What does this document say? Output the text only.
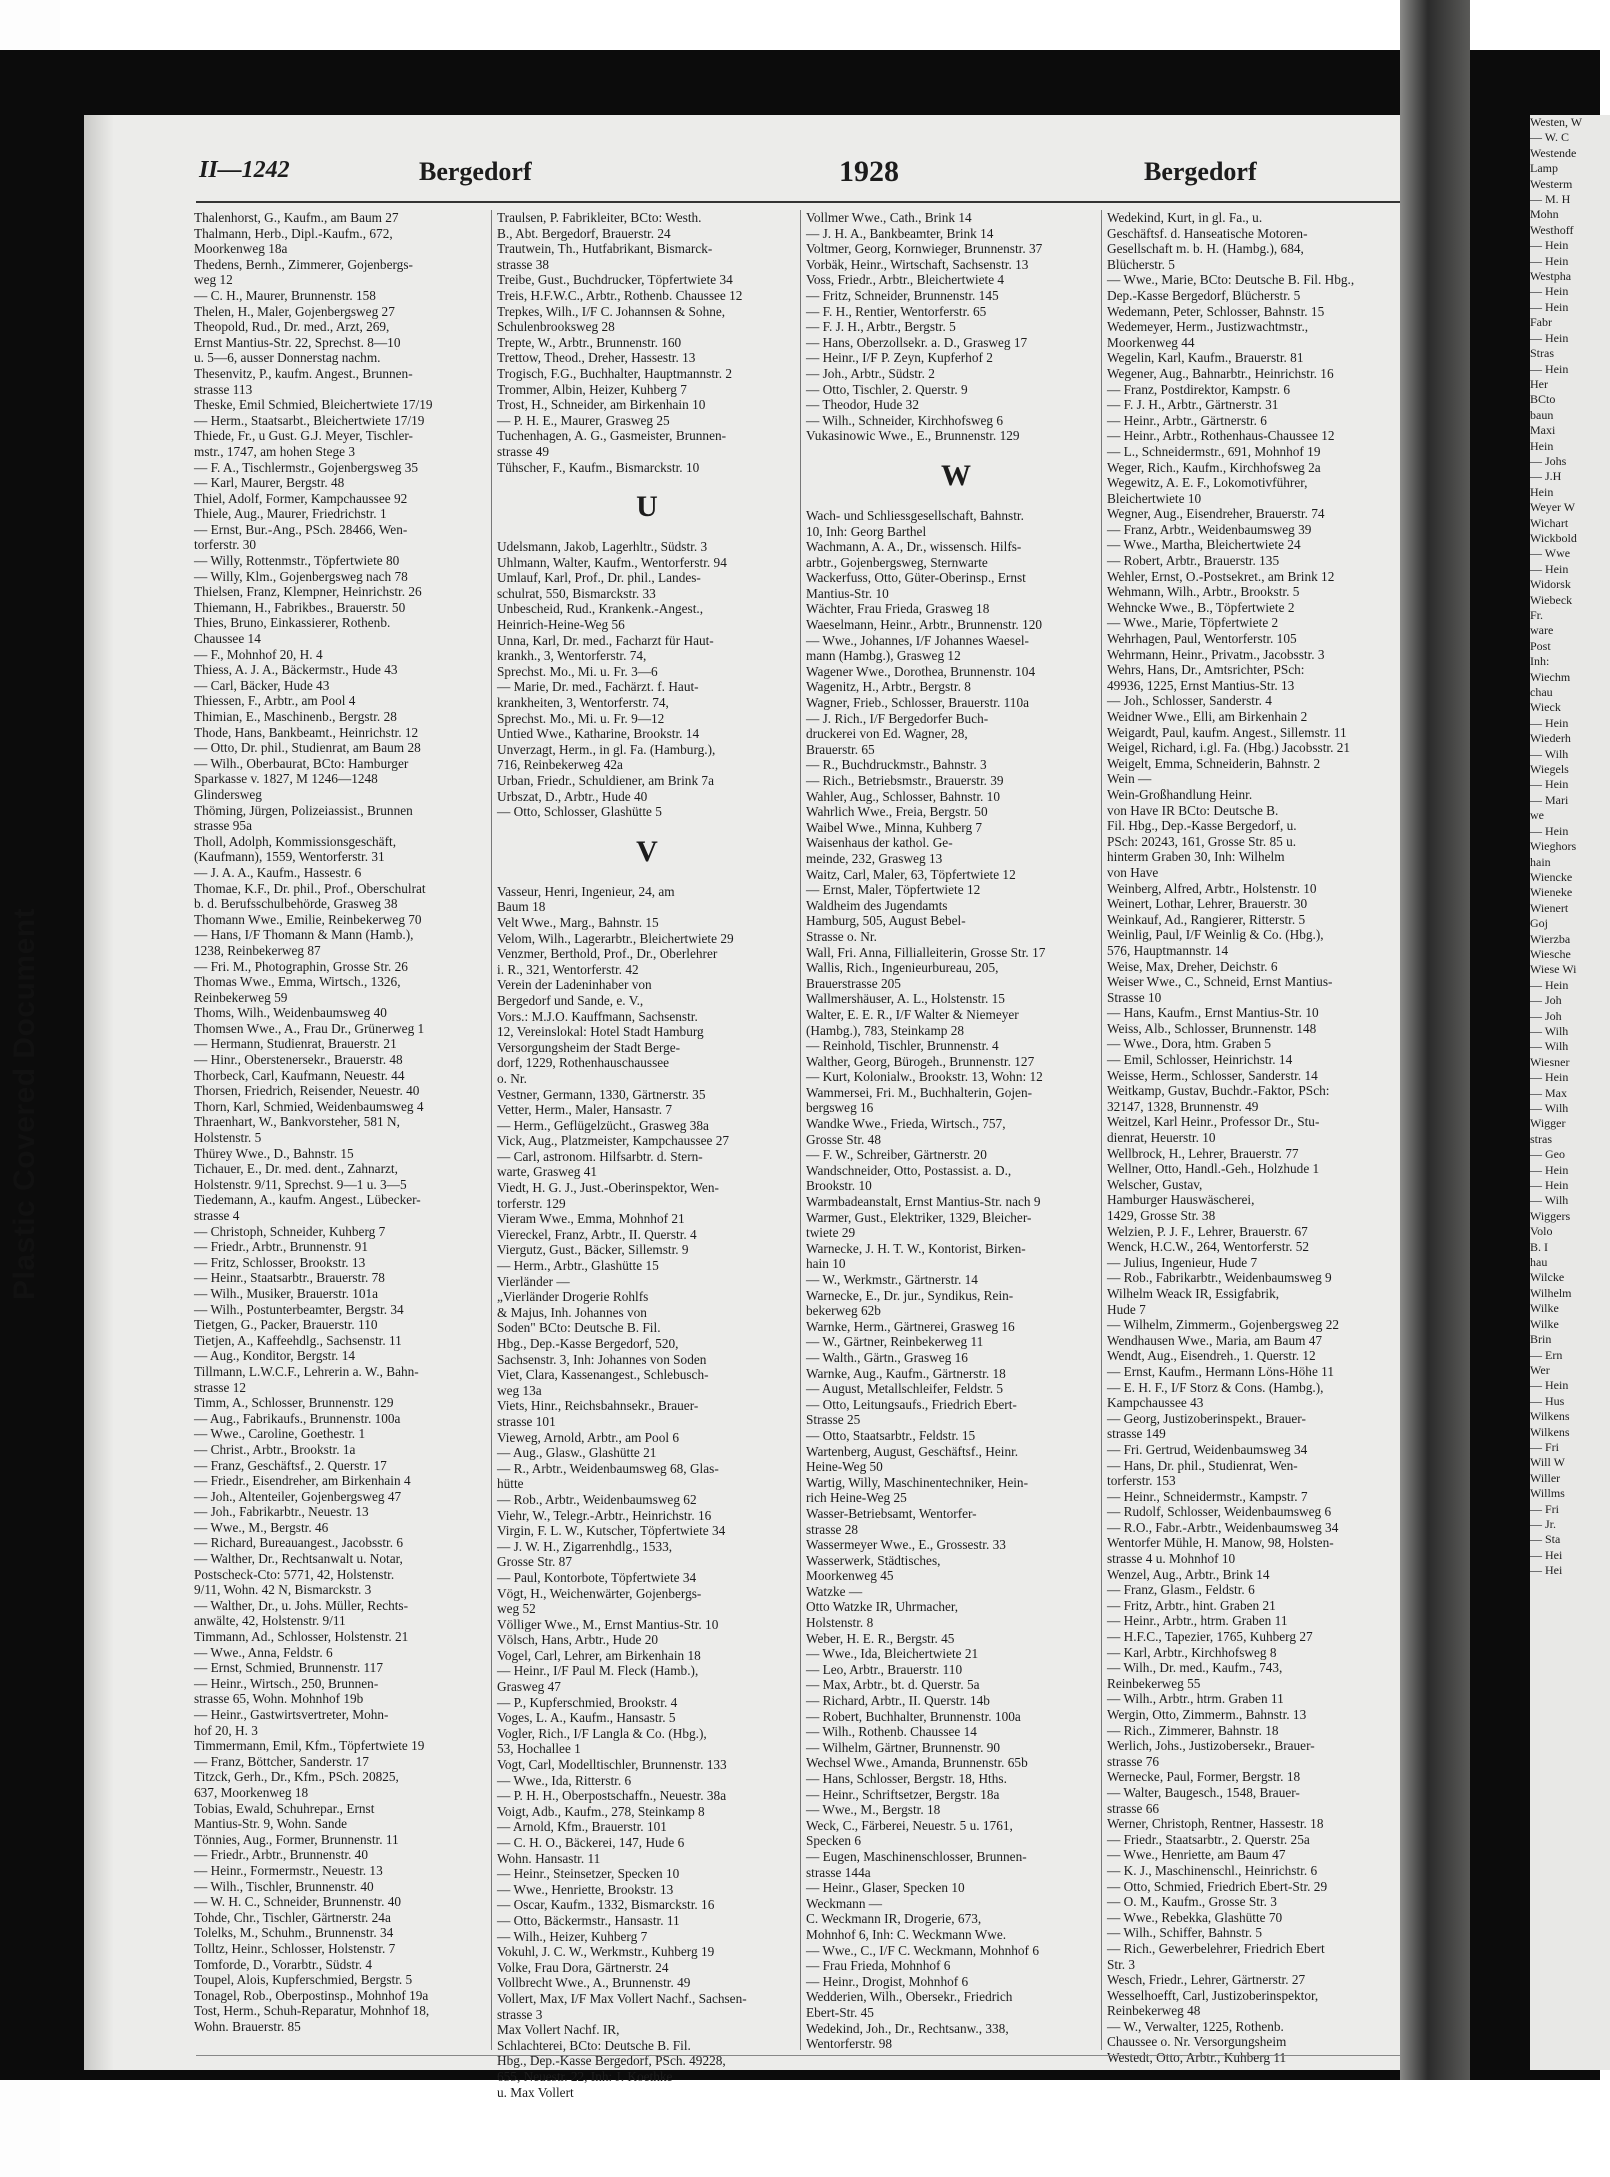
Plastic Covered Document
II—1242	Bergedorf	1928	Bergedorf
Thalenhorst, G., Kaufm., am Baum 27
Thalmann, Herb., Dipl.-Kaufm., 672,
Moorkenweg 18a
Thedens, Bernh., Zimmerer, Gojenbergs-
weg 12
— C. H., Maurer, Brunnenstr. 158
Thelen, H., Maler, Gojenbergsweg 27
Theopold, Rud., Dr. med., Arzt, 269,
Ernst Mantius-Str. 22, Sprechst. 8—10
u. 5—6, ausser Donnerstag nachm.
Thesenvitz, P., kaufm. Angest., Brunnen-
strasse 113
Theske, Emil Schmied, Bleichertwiete 17/19
— Herm., Staatsarbt., Bleichertwiete 17/19
Thiede, Fr., u Gust. G.J. Meyer, Tischler-
mstr., 1747, am hohen Stege 3
— F. A., Tischlermstr., Gojenbergsweg 35
— Karl, Maurer, Bergstr. 48
Thiel, Adolf, Former, Kampchaussee 92
Thiele, Aug., Maurer, Friedrichstr. 1
— Ernst, Bur.-Ang., PSch. 28466, Wen-
torferstr. 30
— Willy, Rottenmstr., Töpfertwiete 80
— Willy, Klm., Gojenbergsweg nach 78
Thielsen, Franz, Klempner, Heinrichstr. 26
Thiemann, H., Fabrikbes., Brauerstr. 50
Thies, Bruno, Einkassierer, Rothenb.
Chaussee 14
— F., Mohnhof 20, H. 4
Thiess, A. J. A., Bäckermstr., Hude 43
— Carl, Bäcker, Hude 43
Thiessen, F., Arbtr., am Pool 4
Thimian, E., Maschinenb., Bergstr. 28
Thode, Hans, Bankbeamt., Heinrichstr. 12
— Otto, Dr. phil., Studienrat, am Baum 28
— Wilh., Oberbaurat, BCto: Hamburger
Sparkasse v. 1827, M 1246—1248
Glindersweg
Thöming, Jürgen, Polizeiassist., Brunnen
strasse 95a
Tholl, Adolph, Kommissionsgeschäft,
(Kaufmann), 1559, Wentorferstr. 31
— J. A. A., Kaufm., Hassestr. 6
Thomae, K.F., Dr. phil., Prof., Oberschulrat
b. d. Berufsschulbehörde, Grasweg 38
Thomann Wwe., Emilie, Reinbekerweg 70
— Hans, I/F Thomann & Mann (Hamb.),
1238, Reinbekerweg 87
— Fri. M., Photographin, Grosse Str. 26
Thomas Wwe., Emma, Wirtsch., 1326,
Reinbekerweg 59
Thoms, Wilh., Weidenbaumsweg 40
Thomsen Wwe., A., Frau Dr., Grünerweg 1
— Hermann, Studienrat, Brauerstr. 21
— Hinr., Oberstenersekr., Brauerstr. 48
Thorbeck, Carl, Kaufmann, Neuestr. 44
Thorsen, Friedrich, Reisender, Neuestr. 40
Thorn, Karl, Schmied, Weidenbaumsweg 4
Thraenhart, W., Bankvorsteher, 581 N,
Holstenstr. 5
Thürey Wwe., D., Bahnstr. 15
Tichauer, E., Dr. med. dent., Zahnarzt,
Holstenstr. 9/11, Sprechst. 9—1 u. 3—5
Tiedemann, A., kaufm. Angest., Lübecker-
strasse 4
— Christoph, Schneider, Kuhberg 7
— Friedr., Arbtr., Brunnenstr. 91
— Fritz, Schlosser, Brookstr. 13
— Heinr., Staatsarbtr., Brauerstr. 78
— Wilh., Musiker, Brauerstr. 101a
— Wilh., Postunterbeamter, Bergstr. 34
Tietgen, G., Packer, Brauerstr. 110
Tietjen, A., Kaffeehdlg., Sachsenstr. 11
— Aug., Konditor, Bergstr. 14
Tillmann, L.W.C.F., Lehrerin a. W., Bahn-
strasse 12
Timm, A., Schlosser, Brunnenstr. 129
— Aug., Fabrikaufs., Brunnenstr. 100a
— Wwe., Caroline, Goethestr. 1
— Christ., Arbtr., Brookstr. 1a
— Franz, Geschäftsf., 2. Querstr. 17
— Friedr., Eisendreher, am Birkenhain 4
— Joh., Altenteiler, Gojenbergsweg 47
— Joh., Fabrikarbtr., Neuestr. 13
— Wwe., M., Bergstr. 46
— Richard, Bureauangest., Jacobsstr. 6
— Walther, Dr., Rechtsanwalt u. Notar,
Postscheck-Cto: 5771, 42, Holstenstr.
9/11, Wohn. 42 N, Bismarckstr. 3
— Walther, Dr., u. Johs. Müller, Rechts-
anwälte, 42, Holstenstr. 9/11
Timmann, Ad., Schlosser, Holstenstr. 21
— Wwe., Anna, Feldstr. 6
— Ernst, Schmied, Brunnenstr. 117
— Heinr., Wirtsch., 250, Brunnen-
strasse 65, Wohn. Mohnhof 19b
— Heinr., Gastwirtsvertreter, Mohn-
hof 20, H. 3
Timmermann, Emil, Kfm., Töpfertwiete 19
— Franz, Böttcher, Sanderstr. 17
Titzck, Gerh., Dr., Kfm., PSch. 20825,
637, Moorkenweg 18
Tobias, Ewald, Schuhrepar., Ernst
Mantius-Str. 9, Wohn. Sande
Tönnies, Aug., Former, Brunnenstr. 11
— Friedr., Arbtr., Brunnenstr. 40
— Heinr., Formermstr., Neuestr. 13
— Wilh., Tischler, Brunnenstr. 40
— W. H. C., Schneider, Brunnenstr. 40
Tohde, Chr., Tischler, Gärtnerstr. 24a
Tolelks, M., Schuhm., Brunnenstr. 34
Tolltz, Heinr., Schlosser, Holstenstr. 7
Tomforde, D., Vorarbtr., Südstr. 4
Toupel, Alois, Kupferschmied, Bergstr. 5
Tonagel, Rob., Oberpostinsp., Mohnhof 19a
Tost, Herm., Schuh-Reparatur, Mohnhof 18,
Wohn. Brauerstr. 85
Traulsen, P. Fabrikleiter, BCto: Westh.
B., Abt. Bergedorf, Brauerstr. 24
Trautwein, Th., Hutfabrikant, Bismarck-
strasse 38
Treibe, Gust., Buchdrucker, Töpfertwiete 34
Treis, H.F.W.C., Arbtr., Rothenb. Chaussee 12
Trepkes, Wilh., I/F C. Johannsen & Sohne,
Schulenbrooksweg 28
Trepte, W., Arbtr., Brunnenstr. 160
Trettow, Theod., Dreher, Hassestr. 13
Trogisch, F.G., Buchhalter, Hauptmannstr. 2
Trommer, Albin, Heizer, Kuhberg 7
Trost, H., Schneider, am Birkenhain 10
— P. H. E., Maurer, Grasweg 25
Tuchenhagen, A. G., Gasmeister, Brunnen-
strasse 49
Tühscher, F., Kaufm., Bismarckstr. 10
U
Udelsmann, Jakob, Lagerhltr., Südstr. 3
Uhlmann, Walter, Kaufm., Wentorferstr. 94
Umlauf, Karl, Prof., Dr. phil., Landes-
schulrat, 550, Bismarckstr. 33
Unbescheid, Rud., Krankenk.-Angest.,
Heinrich-Heine-Weg 56
Unna, Karl, Dr. med., Facharzt für Haut-
krankh., 3, Wentorferstr. 74,
Sprechst. Mo., Mi. u. Fr. 3—6
— Marie, Dr. med., Fachärzt. f. Haut-
krankheiten, 3, Wentorferstr. 74,
Sprechst. Mo., Mi. u. Fr. 9—12
Untied Wwe., Katharine, Brookstr. 14
Unverzagt, Herm., in gl. Fa. (Hamburg.),
716, Reinbekerweg 42a
Urban, Friedr., Schuldiener, am Brink 7a
Urbszat, D., Arbtr., Hude 40
— Otto, Schlosser, Glashütte 5
V
Vasseur, Henri, Ingenieur, 24, am
Baum 18
Velt Wwe., Marg., Bahnstr. 15
Velom, Wilh., Lagerarbtr., Bleichertwiete 29
Venzmer, Berthold, Prof., Dr., Oberlehrer
i. R., 321, Wentorferstr. 42
Verein der Ladeninhaber von
Bergedorf und Sande, e. V.,
Vors.: M.J.O. Kauffmann, Sachsenstr.
12, Vereinslokal: Hotel Stadt Hamburg
Versorgungsheim der Stadt Berge-
dorf, 1229, Rothenhauschaussee
o. Nr.
Vestner, Germann, 1330, Gärtnerstr. 35
Vetter, Herm., Maler, Hansastr. 7
— Herm., Geflügelzücht., Grasweg 38a
Vick, Aug., Platzmeister, Kampchaussee 27
— Carl, astronom. Hilfsarbtr. d. Stern-
warte, Grasweg 41
Viedt, H. G. J., Just.-Oberinspektor, Wen-
torferstr. 129
Vieram Wwe., Emma, Mohnhof 21
Viereckel, Franz, Arbtr., II. Querstr. 4
Viergutz, Gust., Bäcker, Sillemstr. 9
— Herm., Arbtr., Glashütte 15
Vierländer —
„Vierländer Drogerie Rohlfs
& Majus, Inh. Johannes von
Soden" BCto: Deutsche B. Fil.
Hbg., Dep.-Kasse Bergedorf, 520,
Sachsenstr. 3, Inh: Johannes von Soden
Viet, Clara, Kassenangest., Schlebusch-
weg 13a
Viets, Hinr., Reichsbahnsekr., Brauer-
strasse 101
Vieweg, Arnold, Arbtr., am Pool 6
— Aug., Glasw., Glashütte 21
— R., Arbtr., Weidenbaumsweg 68, Glas-
hütte
— Rob., Arbtr., Weidenbaumsweg 62
Viehr, W., Telegr.-Arbtr., Heinrichstr. 16
Virgin, F. L. W., Kutscher, Töpfertwiete 34
— J. W. H., Zigarrenhdlg., 1533,
Grosse Str. 87
— Paul, Kontorbote, Töpfertwiete 34
Vögt, H., Weichenwärter, Gojenbergs-
weg 52
Völliger Wwe., M., Ernst Mantius-Str. 10
Völsch, Hans, Arbtr., Hude 20
Vogel, Carl, Lehrer, am Birkenhain 18
— Heinr., I/F Paul M. Fleck (Hamb.),
Grasweg 47
— P., Kupferschmied, Brookstr. 4
Voges, L. A., Kaufm., Hansastr. 5
Vogler, Rich., I/F Langla & Co. (Hbg.),
53, Hochallee 1
Vogt, Carl, Modelltischler, Brunnenstr. 133
— Wwe., Ida, Ritterstr. 6
— P. H. H., Oberpostschaffn., Neuestr. 38a
Voigt, Adb., Kaufm., 278, Steinkamp 8
— Arnold, Kfm., Brauerstr. 101
— C. H. O., Bäckerei, 147, Hude 6
Wohn. Hansastr. 11
— Heinr., Steinsetzer, Specken 10
— Wwe., Henriette, Brookstr. 13
— Oscar, Kaufm., 1332, Bismarckstr. 16
— Otto, Bäckermstr., Hansastr. 11
— Wilh., Heizer, Kuhberg 7
Vokuhl, J. C. W., Werkmstr., Kuhberg 19
Volke, Frau Dora, Gärtnerstr. 24
Vollbrecht Wwe., A., Brunnenstr. 49
Vollert, Max, I/F Max Vollert Nachf., Sachsen-
strasse 3
Max Vollert Nachf. IR,
Schlachterei, BCto: Deutsche B. Fil.
Hbg., Dep.-Kasse Bergedorf, PSch. 49228,
655, Neuestr. 22, Inh: J. Koethke
u. Max Vollert
Vollmer Wwe., Cath., Brink 14
— J. H. A., Bankbeamter, Brink 14
Voltmer, Georg, Kornwieger, Brunnenstr. 37
Vorbäk, Heinr., Wirtschaft, Sachsenstr. 13
Voss, Friedr., Arbtr., Bleichertwiete 4
— Fritz, Schneider, Brunnenstr. 145
— F. H., Rentier, Wentorferstr. 65
— F. J. H., Arbtr., Bergstr. 5
— Hans, Oberzollsekr. a. D., Grasweg 17
— Heinr., I/F P. Zeyn, Kupferhof 2
— Joh., Arbtr., Südstr. 2
— Otto, Tischler, 2. Querstr. 9
— Theodor, Hude 32
— Wilh., Schneider, Kirchhofsweg 6
Vukasinowic Wwe., E., Brunnenstr. 129
W
Wach- und Schliessgesellschaft, Bahnstr.
10, Inh: Georg Barthel
Wachmann, A. A., Dr., wissensch. Hilfs-
arbtr., Gojenbergsweg, Sternwarte
Wackerfuss, Otto, Güter-Oberinsp., Ernst
Mantius-Str. 10
Wächter, Frau Frieda, Grasweg 18
Waeselmann, Heinr., Arbtr., Brunnenstr. 120
— Wwe., Johannes, I/F Johannes Waesel-
mann (Hambg.), Grasweg 12
Wagener Wwe., Dorothea, Brunnenstr. 104
Wagenitz, H., Arbtr., Bergstr. 8
Wagner, Frieb., Schlosser, Brauerstr. 110a
— J. Rich., I/F Bergedorfer Buch-
druckerei von Ed. Wagner, 28,
Brauerstr. 65
— R., Buchdruckmstr., Bahnstr. 3
— Rich., Betriebsmstr., Brauerstr. 39
Wahler, Aug., Schlosser, Bahnstr. 10
Wahrlich Wwe., Freia, Bergstr. 50
Waibel Wwe., Minna, Kuhberg 7
Waisenhaus der kathol. Ge-
meinde, 232, Grasweg 13
Waitz, Carl, Maler, 63, Töpfertwiete 12
— Ernst, Maler, Töpfertwiete 12
Waldheim des Jugendamts
Hamburg, 505, August Bebel-
Strasse o. Nr.
Wall, Fri. Anna, Fillialleiterin, Grosse Str. 17
Wallis, Rich., Ingenieurbureau, 205,
Brauerstrasse 205
Wallmershäuser, A. L., Holstenstr. 15
Walter, E. E. R., I/F Walter & Niemeyer
(Hambg.), 783, Steinkamp 28
— Reinhold, Tischler, Brunnenstr. 4
Walther, Georg, Bürogeh., Brunnenstr. 127
— Kurt, Kolonialw., Brookstr. 13, Wohn: 12
Wammersei, Fri. M., Buchhalterin, Gojen-
bergsweg 16
Wandke Wwe., Frieda, Wirtsch., 757,
Grosse Str. 48
— F. W., Schreiber, Gärtnerstr. 20
Wandschneider, Otto, Postassist. a. D.,
Brookstr. 10
Warmbadeanstalt, Ernst Mantius-Str. nach 9
Warmer, Gust., Elektriker, 1329, Bleicher-
twiete 29
Warnecke, J. H. T. W., Kontorist, Birken-
hain 10
— W., Werkmstr., Gärtnerstr. 14
Warnecke, E., Dr. jur., Syndikus, Rein-
bekerweg 62b
Warnke, Herm., Gärtnerei, Grasweg 16
— W., Gärtner, Reinbekerweg 11
— Walth., Gärtn., Grasweg 16
Warnke, Aug., Kaufm., Gärtnerstr. 18
— August, Metallschleifer, Feldstr. 5
— Otto, Leitungsaufs., Friedrich Ebert-
Strasse 25
— Otto, Staatsarbtr., Feldstr. 15
Wartenberg, August, Geschäftsf., Heinr.
Heine-Weg 50
Wartig, Willy, Maschinentechniker, Hein-
rich Heine-Weg 25
Wasser-Betriebsamt, Wentorfer-
strasse 28
Wassermeyer Wwe., E., Grossestr. 33
Wasserwerk, Städtisches,
Moorkenweg 45
Watzke —
Otto Watzke IR, Uhrmacher,
Holstenstr. 8
Weber, H. E. R., Bergstr. 45
— Wwe., Ida, Bleichertwiete 21
— Leo, Arbtr., Brauerstr. 110
— Max, Arbtr., bt. d. Querstr. 5a
— Richard, Arbtr., II. Querstr. 14b
— Robert, Buchhalter, Brunnenstr. 100a
— Wilh., Rothenb. Chaussee 14
— Wilhelm, Gärtner, Brunnenstr. 90
Wechsel Wwe., Amanda, Brunnenstr. 65b
— Hans, Schlosser, Bergstr. 18, Hths.
— Heinr., Schriftsetzer, Bergstr. 18a
— Wwe., M., Bergstr. 18
Weck, C., Färberei, Neuestr. 5 u. 1761,
Specken 6
— Eugen, Maschinenschlosser, Brunnen-
strasse 144a
— Heinr., Glaser, Specken 10
Weckmann —
C. Weckmann IR, Drogerie, 673,
Mohnhof 6, Inh: C. Weckmann Wwe.
— Wwe., C., I/F C. Weckmann, Mohnhof 6
— Frau Frieda, Mohnhof 6
— Heinr., Drogist, Mohnhof 6
Wedderien, Wilh., Obersekr., Friedrich
Ebert-Str. 45
Wedekind, Joh., Dr., Rechtsanw., 338,
Wentorferstr. 98
Wedekind, Kurt, in gl. Fa., u.
Geschäftsf. d. Hanseatische Motoren-
Gesellschaft m. b. H. (Hambg.), 684,
Blücherstr. 5
— Wwe., Marie, BCto: Deutsche B. Fil. Hbg.,
Dep.-Kasse Bergedorf, Blücherstr. 5
Wedemann, Peter, Schlosser, Bahnstr. 15
Wedemeyer, Herm., Justizwachtmstr.,
Moorkenweg 44
Wegelin, Karl, Kaufm., Brauerstr. 81
Wegener, Aug., Bahnarbtr., Heinrichstr. 16
— Franz, Postdirektor, Kampstr. 6
— F. J. H., Arbtr., Gärtnerstr. 31
— Heinr., Arbtr., Gärtnerstr. 6
— Heinr., Arbtr., Rothenhaus-Chaussee 12
— L., Schneidermstr., 691, Mohnhof 19
Weger, Rich., Kaufm., Kirchhofsweg 2a
Wegewitz, A. E. F., Lokomotivführer,
Bleichertwiete 10
Wegner, Aug., Eisendreher, Brauerstr. 74
— Franz, Arbtr., Weidenbaumsweg 39
— Wwe., Martha, Bleichertwiete 24
— Robert, Arbtr., Brauerstr. 135
Wehler, Ernst, O.-Postsekret., am Brink 12
Wehmann, Wilh., Arbtr., Brookstr. 5
Wehncke Wwe., B., Töpfertwiete 2
— Wwe., Marie, Töpfertwiete 2
Wehrhagen, Paul, Wentorferstr. 105
Wehrmann, Heinr., Privatm., Jacobsstr. 3
Wehrs, Hans, Dr., Amtsrichter, PSch:
49936, 1225, Ernst Mantius-Str. 13
— Joh., Schlosser, Sanderstr. 4
Weidner Wwe., Elli, am Birkenhain 2
Weigardt, Paul, kaufm. Angest., Sillemstr. 11
Weigel, Richard, i.gl. Fa. (Hbg.) Jacobsstr. 21
Weigelt, Emma, Schneiderin, Bahnstr. 2
Wein —
Wein-Großhandlung Heinr.
von Have IR BCto: Deutsche B.
Fil. Hbg., Dep.-Kasse Bergedorf, u.
PSch: 20243, 161, Grosse Str. 85 u.
hinterm Graben 30, Inh: Wilhelm
von Have
Weinberg, Alfred, Arbtr., Holstenstr. 10
Weinert, Lothar, Lehrer, Brauerstr. 30
Weinkauf, Ad., Rangierer, Ritterstr. 5
Weinlig, Paul, I/F Weinlig & Co. (Hbg.),
576, Hauptmannstr. 14
Weise, Max, Dreher, Deichstr. 6
Weiser Wwe., C., Schneid, Ernst Mantius-
Strasse 10
— Hans, Kaufm., Ernst Mantius-Str. 10
Weiss, Alb., Schlosser, Brunnenstr. 148
— Wwe., Dora, htm. Graben 5
— Emil, Schlosser, Heinrichstr. 14
Weisse, Herm., Schlosser, Sanderstr. 14
Weitkamp, Gustav, Buchdr.-Faktor, PSch:
32147, 1328, Brunnenstr. 49
Weitzel, Karl Heinr., Professor Dr., Stu-
dienrat, Heuerstr. 10
Wellbrock, H., Lehrer, Brauerstr. 77
Wellner, Otto, Handl.-Geh., Holzhude 1
Welscher, Gustav,
Hamburger Hauswäscherei,
1429, Grosse Str. 38
Welzien, P. J. F., Lehrer, Brauerstr. 67
Wenck, H.C.W., 264, Wentorferstr. 52
— Julius, Ingenieur, Hude 7
— Rob., Fabrikarbtr., Weidenbaumsweg 9
Wilhelm Weack IR, Essigfabrik,
Hude 7
— Wilhelm, Zimmerm., Gojenbergsweg 22
Wendhausen Wwe., Maria, am Baum 47
Wendt, Aug., Eisendreh., 1. Querstr. 12
— Ernst, Kaufm., Hermann Löns-Höhe 11
— E. H. F., I/F Storz & Cons. (Hambg.),
Kampchaussee 43
— Georg, Justizoberinspekt., Brauer-
strasse 149
— Fri. Gertrud, Weidenbaumsweg 34
— Hans, Dr. phil., Studienrat, Wen-
torferstr. 153
— Heinr., Schneidermstr., Kampstr. 7
— Rudolf, Schlosser, Weidenbaumsweg 6
— R.O., Fabr.-Arbtr., Weidenbaumsweg 34
Wentorfer Mühle, H. Manow, 98, Holsten-
strasse 4 u. Mohnhof 10
Wenzel, Aug., Arbtr., Brink 14
— Franz, Glasm., Feldstr. 6
— Fritz, Arbtr., hint. Graben 21
— Heinr., Arbtr., htrm. Graben 11
— H.F.C., Tapezier, 1765, Kuhberg 27
— Karl, Arbtr., Kirchhofsweg 8
— Wilh., Dr. med., Kaufm., 743,
Reinbekerweg 55
— Wilh., Arbtr., htrm. Graben 11
Wergin, Otto, Zimmerm., Bahnstr. 13
— Rich., Zimmerer, Bahnstr. 18
Werlich, Johs., Justizobersekr., Brauer-
strasse 76
Wernecke, Paul, Former, Bergstr. 18
— Walter, Baugesch., 1548, Brauer-
strasse 66
Werner, Christoph, Rentner, Hassestr. 18
— Friedr., Staatsarbtr., 2. Querstr. 25a
— Wwe., Henriette, am Baum 47
— K. J., Maschinenschl., Heinrichstr. 6
— Otto, Schmied, Friedrich Ebert-Str. 29
— O. M., Kaufm., Grosse Str. 3
— Wwe., Rebekka, Glashütte 70
— Wilh., Schiffer, Bahnstr. 5
— Rich., Gewerbelehrer, Friedrich Ebert
Str. 3
Wesch, Friedr., Lehrer, Gärtnerstr. 27
Wesselhoefft, Carl, Justizoberinspektor,
Reinbekerweg 48
— W., Verwalter, 1225, Rothenb.
Chaussee o. Nr. Versorgungsheim
Westedt, Otto, Arbtr., Kuhberg 11
Westen, W
— W. C
Westende
Lamp
Westerm
— M. H
Mohn
Westhoff
— Hein
— Hein
Westpha
— Hein
— Hein
Fabr
— Hein
Stras
— Hein
Her
BCto
baun
Maxi
Hein
— Johs
— J.H
Hein
Weyer W
Wichart
Wickbold
— Wwe
— Hein
Widorsk
Wiebeck
Fr.
ware
Post
Inh:
Wiechm
chau
Wieck
— Hein
Wiederh
— Wilh
Wiegels
— Hein
— Mari
we
— Hein
Wieghors
hain
Wiencke
Wieneke
Wienert
Goj
Wierzba
Wiesche
Wiese Wi
— Hein
— Joh
— Joh
— Wilh
— Wilh
Wiesner
— Hein
— Max
— Wilh
Wigger
stras
— Geo
— Hein
— Hein
— Wilh
Wiggers
Volo
B. I
hau
Wilcke
Wilhelm
Wilke
Wilke
Brin
— Ern
Wer
— Hein
— Hus
Wilkens
Wilkens
— Fri
Will W
Willer
Willms
— Fri
— Jr.
— Sta
— Hei
— Hei
